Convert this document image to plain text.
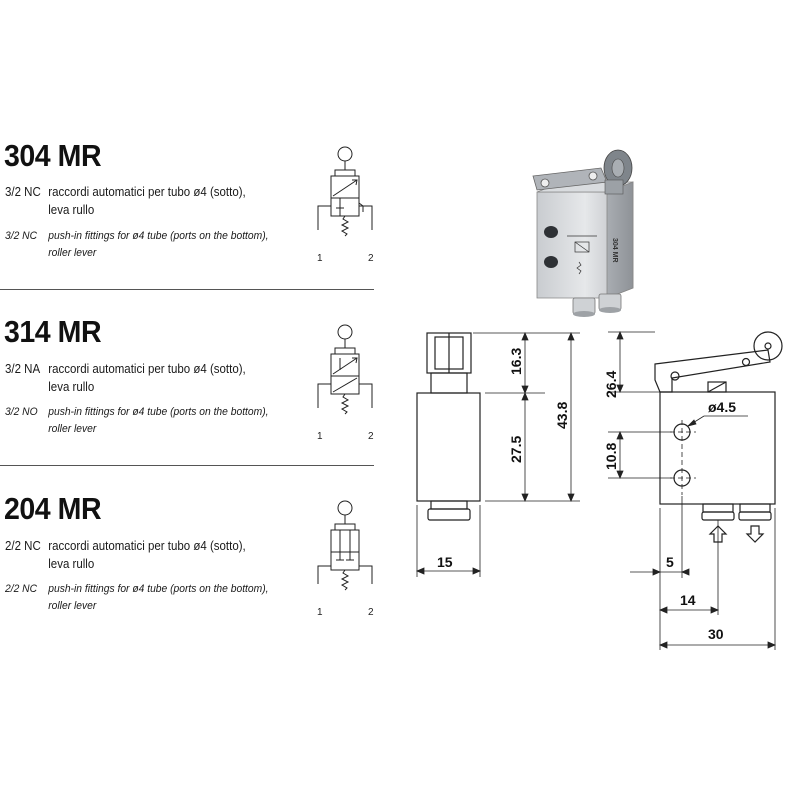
304 MR
3/2 NC raccordi automatici per tubo ø4 (sotto),
leva rullo
3/2 NC push-in fittings for ø4 tube (ports on the bottom),
roller lever	1	2
314 MR
3/2 NA raccordi automatici per tubo ø4 (sotto),
leva rullo
3/2 NO push-in fittings for ø4 tube (ports on the bottom),
roller lever
1	2
204 MR
2/2 NC raccordi automatici per tubo ø4 (sotto),
leva rullo
2/2 NC push-in fittings for ø4 tube (ports on the bottom),
roller lever
1	2
304 MR
16.3
27.5
43.8
15
26.4
ø4.5
10.8
5
14
30
